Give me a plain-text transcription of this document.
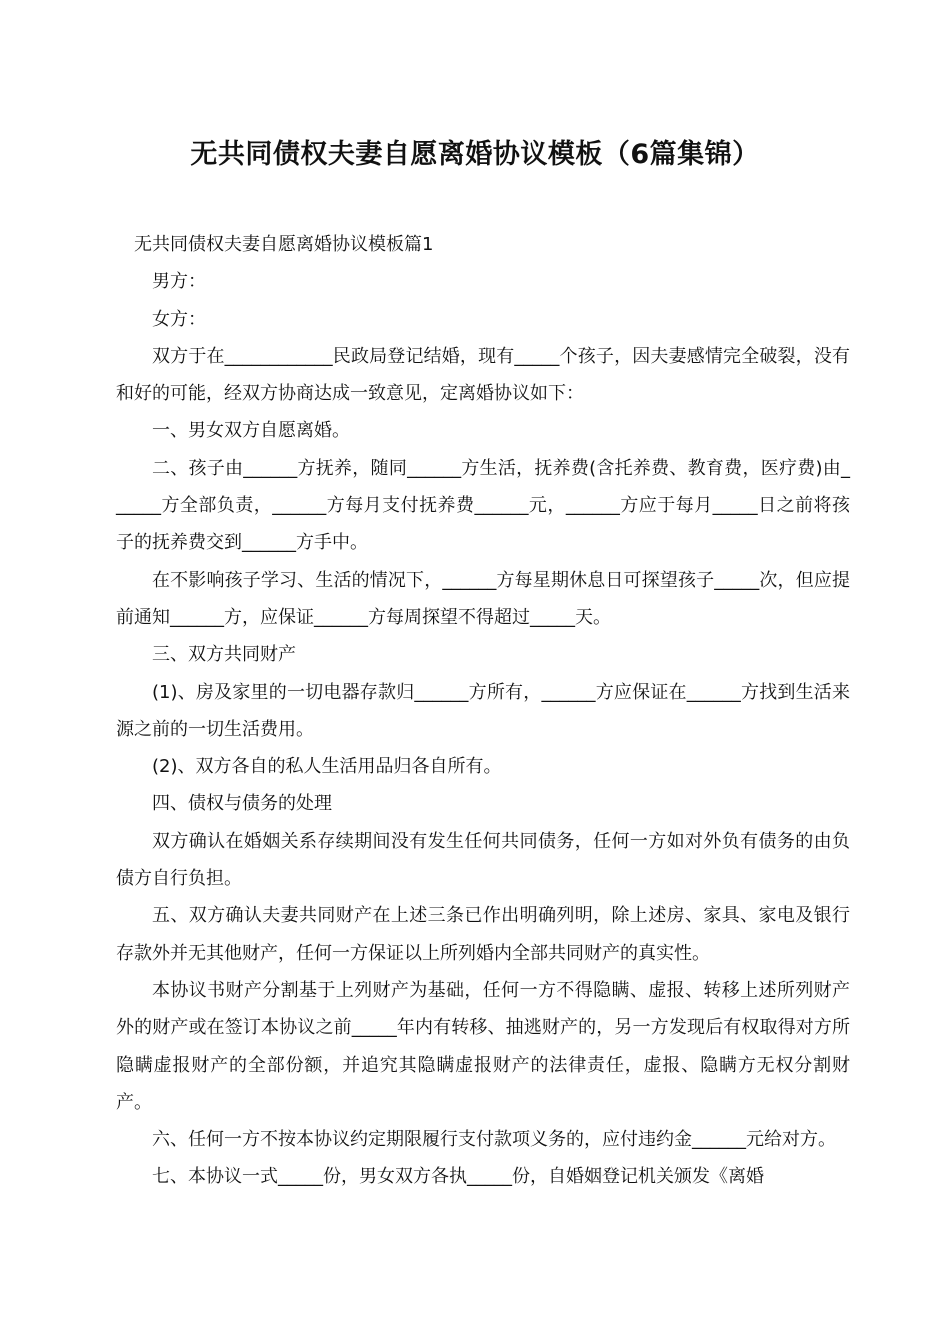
无共同债权夫妻自愿离婚协议模板（6篇集锦）

无共同债权夫妻自愿离婚协议模板篇1

男方：

女方：

双方于在____________民政局登记结婚，现有_____个孩子，因夫妻感情完全破裂，没有和好的可能，经双方协商达成一致意见，定离婚协议如下：

一、男女双方自愿离婚。

二、孩子由______方抚养，随同______方生活，抚养费(含托养费、教育费，医疗费)由______方全部负责，______方每月支付抚养费______元，______方应于每月_____日之前将孩子的抚养费交到______方手中。

在不影响孩子学习、生活的情况下，______方每星期休息日可探望孩子_____次，但应提前通知______方，应保证______方每周探望不得超过_____天。

三、双方共同财产

(1)、房及家里的一切电器存款归______方所有，______方应保证在______方找到生活来源之前的一切生活费用。

(2)、双方各自的私人生活用品归各自所有。

四、债权与债务的处理

双方确认在婚姻关系存续期间没有发生任何共同债务，任何一方如对外负有债务的由负债方自行负担。

五、双方确认夫妻共同财产在上述三条已作出明确列明，除上述房、家具、家电及银行存款外并无其他财产，任何一方保证以上所列婚内全部共同财产的真实性。

本协议书财产分割基于上列财产为基础，任何一方不得隐瞒、虚报、转移上述所列财产外的财产或在签订本协议之前_____年内有转移、抽逃财产的，另一方发现后有权取得对方所隐瞒虚报财产的全部份额，并追究其隐瞒虚报财产的法律责任，虚报、隐瞒方无权分割财产。

六、任何一方不按本协议约定期限履行支付款项义务的，应付违约金______元给对方。

七、本协议一式_____份，男女双方各执_____份，自婚姻登记机关颁发《离婚
